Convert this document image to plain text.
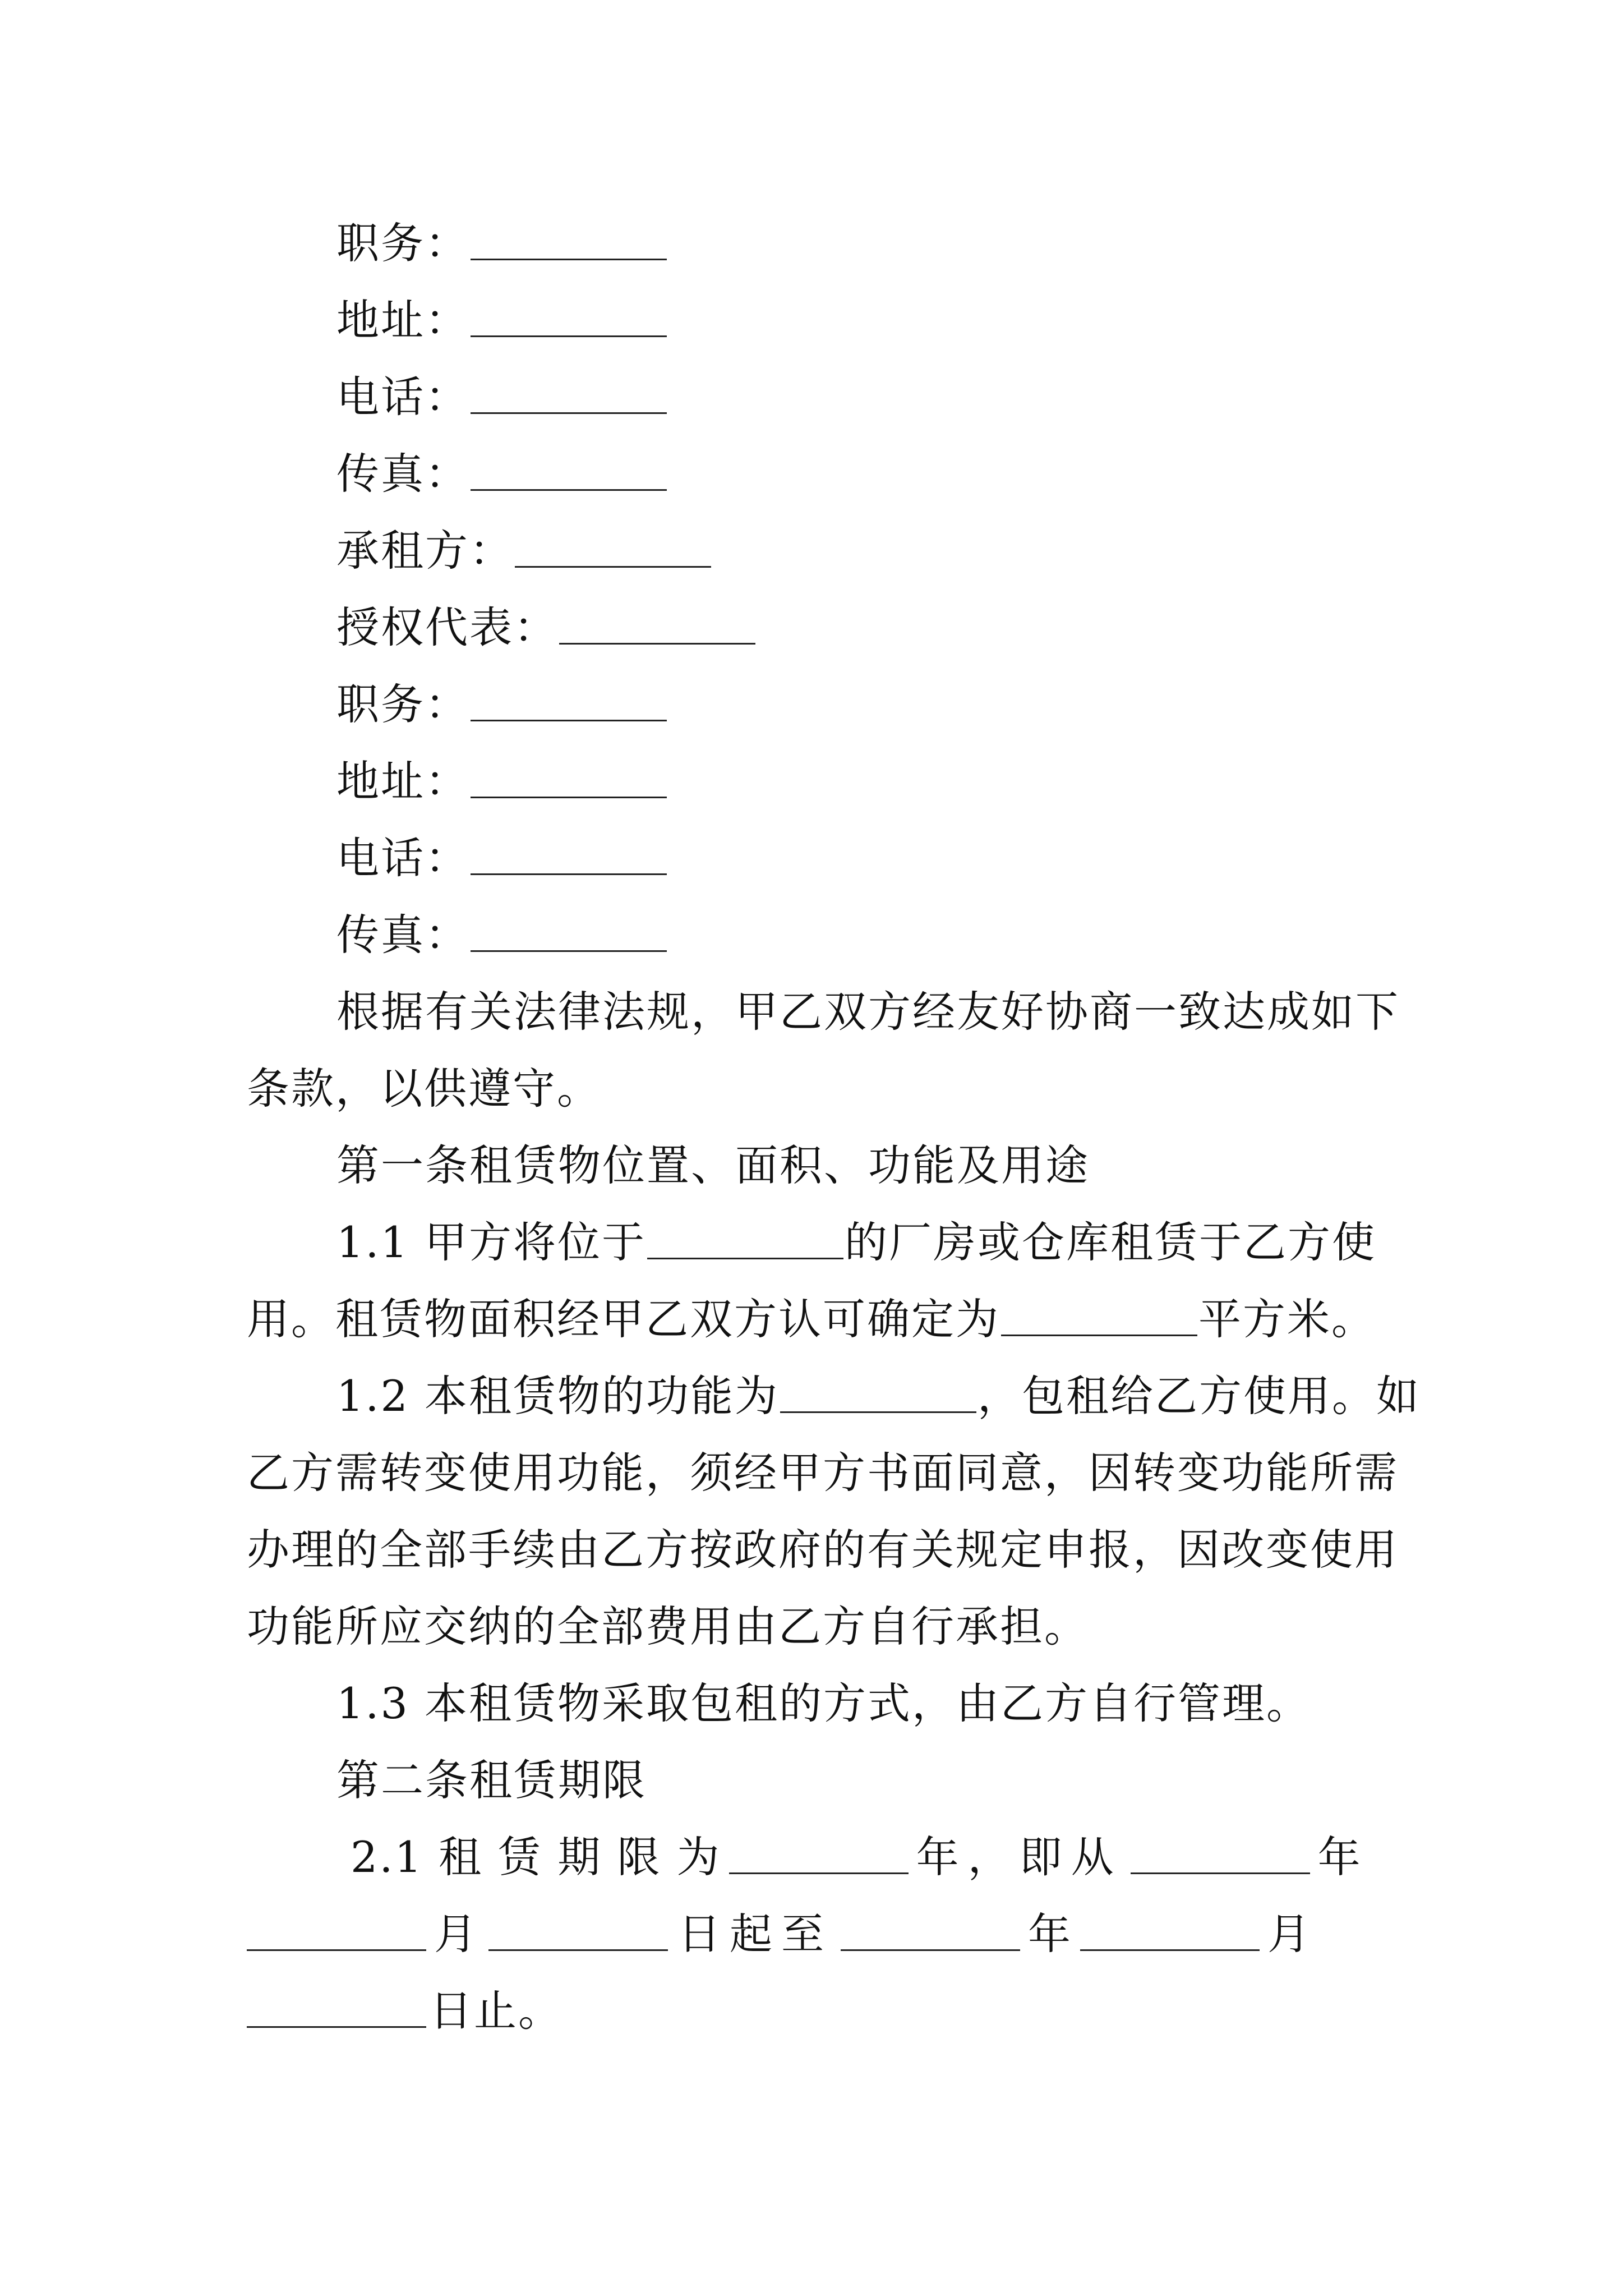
职务：
地址：
电话：
传真：
承租方：
授权代表：
职务：
地址：
电话：
传真：
根据有关法律法规，甲乙双方经友好协商一致达成如下
条款，以供遵守。
第一条租赁物位置、面积、功能及用途
1.1 甲方将位于	的厂房或仓库租赁于乙方使
用。租赁物面积经甲乙双方认可确定为	平方米。
1.2 本租赁物的功能为	，包租给乙方使用。如
乙方需转变使用功能，须经甲方书面同意，因转变功能所需
办理的全部手续由乙方按政府的有关规定申报，因改变使用
功能所应交纳的全部费用由乙方自行承担。
1.3 本租赁物采取包租的方式，由乙方自行管理。
第二条租赁期限
2.1 租 赁 期 限 为	年，即从	年
月	日起至	年	月
日止。
